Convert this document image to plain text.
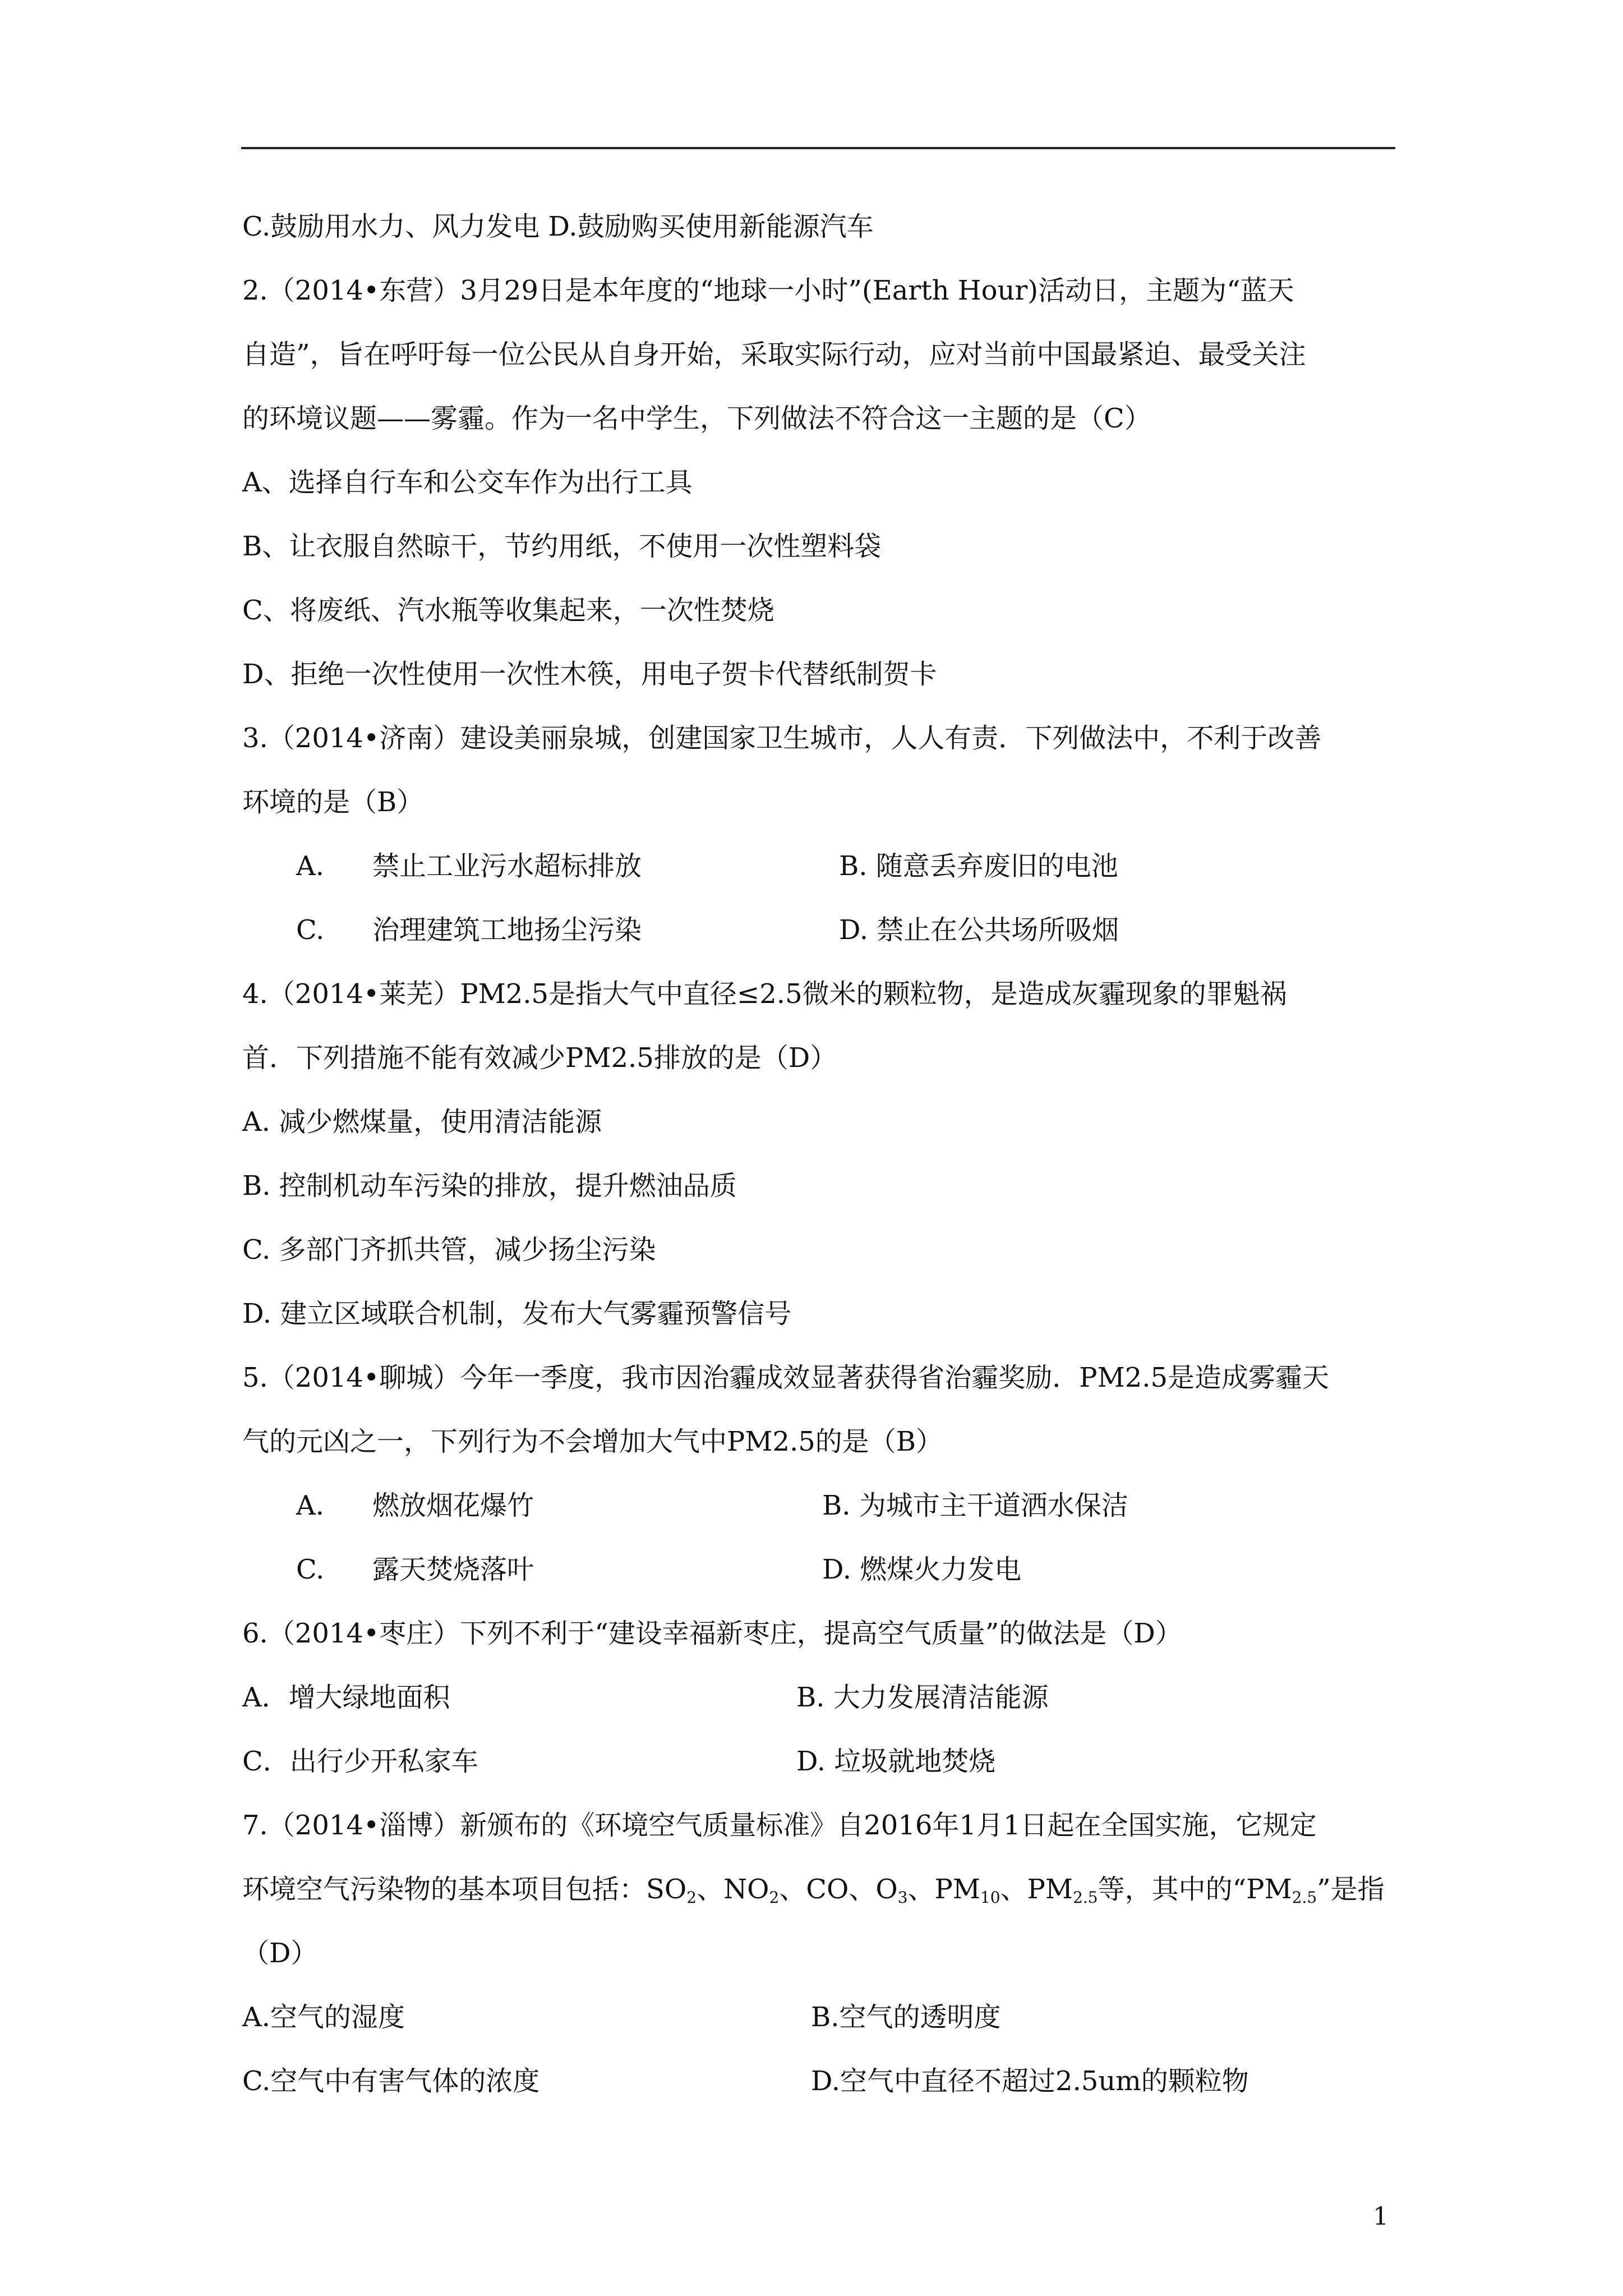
C.鼓励用水力、风力发电 D.鼓励购买使用新能源汽车
2.（2014•东营）3月29日是本年度的“地球一小时”(Earth Hour)活动日，主题为“蓝天
自造”，旨在呼吁每一位公民从自身开始，采取实际行动，应对当前中国最紧迫、最受关注
的环境议题——雾霾。作为一名中学生，下列做法不符合这一主题的是（C）
A、选择自行车和公交车作为出行工具
B、让衣服自然晾干，节约用纸，不使用一次性塑料袋
C、将废纸、汽水瓶等收集起来，一次性焚烧
D、拒绝一次性使用一次性木筷，用电子贺卡代替纸制贺卡
3.（2014•济南）建设美丽泉城，创建国家卫生城市，人人有责．下列做法中，不利于改善
环境的是（B）
A. 禁止工业污水超标排放	B. 随意丢弃废旧的电池
C. 治理建筑工地扬尘污染	D. 禁止在公共场所吸烟
4.（2014•莱芜）PM2.5是指大气中直径≤2.5微米的颗粒物，是造成灰霾现象的罪魁祸
首．下列措施不能有效减少PM2.5排放的是（D）
A. 减少燃煤量，使用清洁能源
B. 控制机动车污染的排放，提升燃油品质
C. 多部门齐抓共管，减少扬尘污染
D. 建立区域联合机制，发布大气雾霾预警信号
5.（2014•聊城）今年一季度，我市因治霾成效显著获得省治霾奖励．PM2.5是造成雾霾天
气的元凶之一，下列行为不会增加大气中PM2.5的是（B）
A. 燃放烟花爆竹	B. 为城市主干道洒水保洁
C. 露天焚烧落叶	D. 燃煤火力发电
6.（2014•枣庄）下列不利于“建设幸福新枣庄，提高空气质量”的做法是（D）
A．增大绿地面积	B. 大力发展清洁能源
C．出行少开私家车	D. 垃圾就地焚烧
7.（2014•淄博）新颁布的《环境空气质量标准》自2016年1月1日起在全国实施，它规定
环境空气污染物的基本项目包括：$SO_2$、$NO_2$、CO、$O_3$、$PM_{10}$、$PM_{2.5}$等，其中的“$PM_{2.5}$”是指
（D）
A.空气的湿度	B.空气的透明度
C.空气中有害气体的浓度	D.空气中直径不超过2.5um的颗粒物
1
